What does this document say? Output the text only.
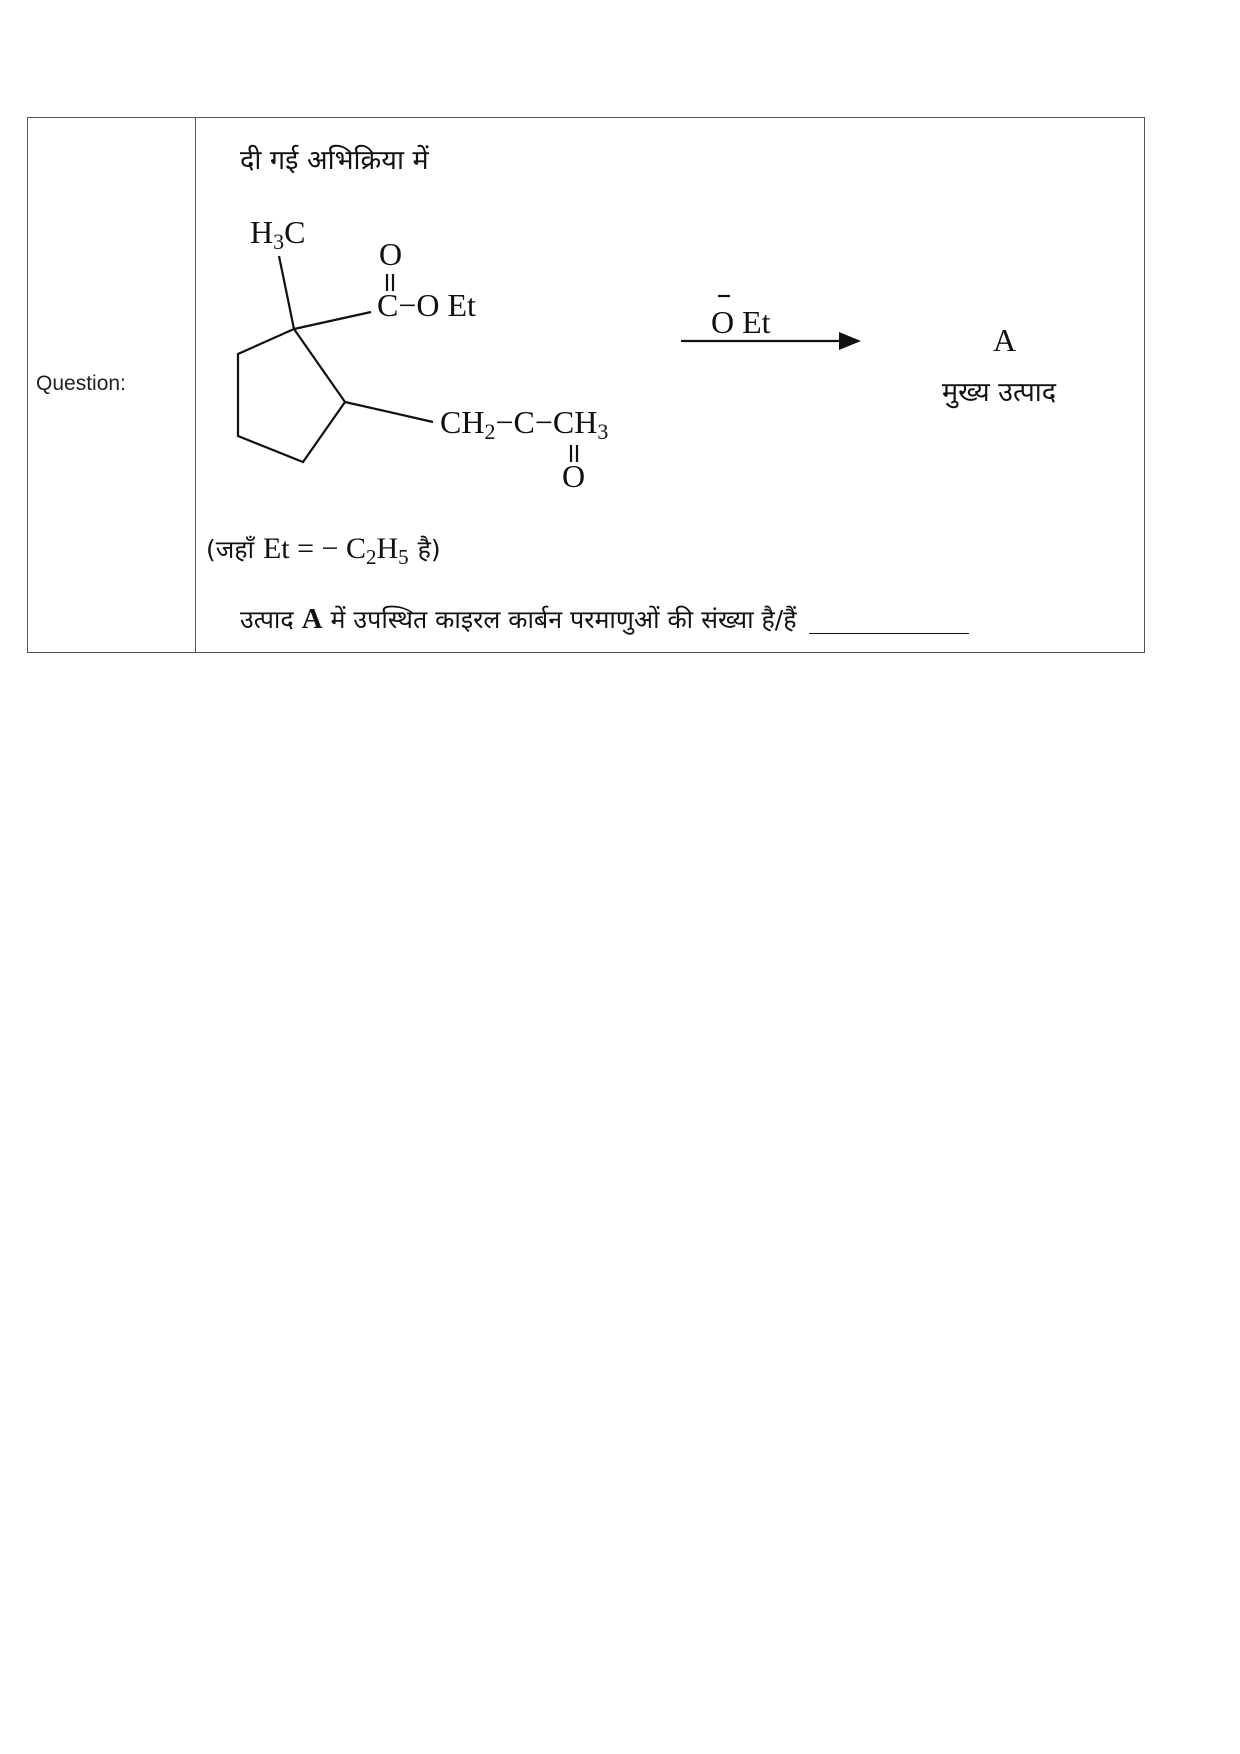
Question:
दी गई अभिक्रिया में
$H_3C$
O
C−O Et
$CH_2-C-CH_3$
O
O Et	A
मुख्य उत्पाद
(जहाँ Et = − $C_2H_5$ है)
उत्पाद A में उपस्थित काइरल कार्बन परमाणुओं की संख्या है/हैं
